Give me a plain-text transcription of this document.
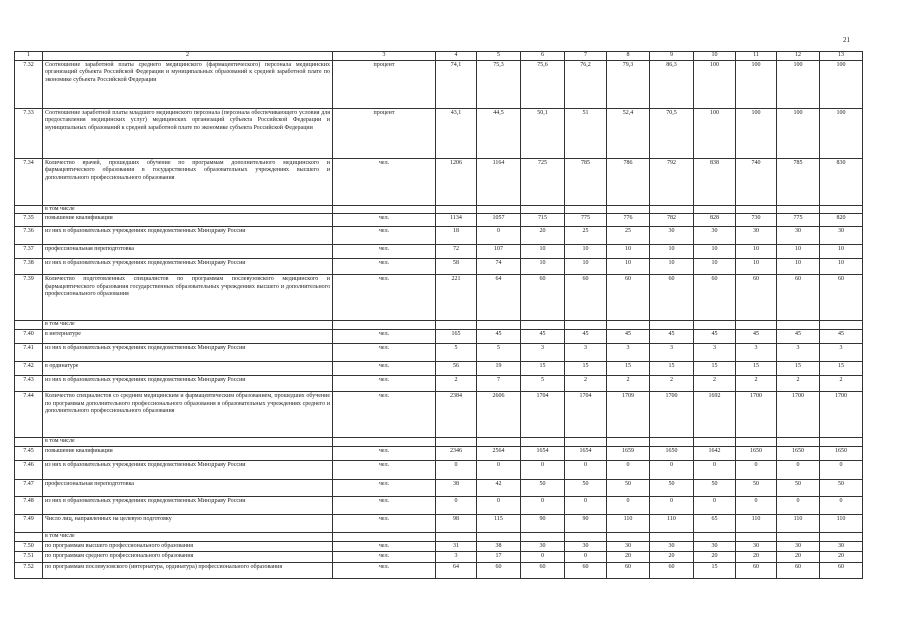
21
1	2	3	4	5	6	7	8	9	10	11	12	13
7.32	Соотношение заработной платы среднего медицинского (фармацевтического) персонала медицинских организаций субъекта Российской Федерации и муниципальных образований к средней заработной плате по экономике субъекта Российской Федерации	процент	74,1	75,3	75,6	76,2	79,3	86,3	100	100	100	100
7.33	Соотношение заработной платы младшего медицинского персонала (персонала обеспечивающего условия для предоставления медицинских услуг) медицинских организаций субъекта Российской Федерации и муниципальных образований к средней заработной плате по экономике субъекта Российской Федерации	процент	43,1	44,5	50,1	51	52,4	70,5	100	100	100	100
7.34	Количество врачей, прошедших обучение по программам дополнительного медицинского и фармацевтического образования в государственных образовательных учреждениях высшего и дополнительного профессионального образования	чел.	1206	1164	725	785	786	792	838	740	785	830
	в том числе											
7.35	повышение квалификации	чел.	1134	1057	715	775	776	782	828	730	775	820
7.36	из них в образовательных учреждениях подведомственных Минздраву России	чел.	18	0	20	25	25	30	30	30	30	30
7.37	профессиональная переподготовка	чел.	72	107	10	10	10	10	10	10	10	10
7.38	из них в образовательных учреждениях подведомственных Минздраву России	чел.	58	74	10	10	10	10	10	10	10	10
7.39	Количество подготовленных специалистов по программам послевузовского медицинского и фармацевтического образования государственных образовательных учреждениях высшего и дополнительного профессионального образования	чел.	221	64	60	60	60	60	60	60	60	60
	в том числе											
7.40	в интернатуре	чел.	165	45	45	45	45	45	45	45	45	45
7.41	из них в образовательных учреждениях подведомственных Минздраву России	чел.	5	5	3	3	3	3	3	3	3	3
7.42	в ординатуре	чел.	56	19	15	15	15	15	15	15	15	15
7.43	из них в образовательных учреждениях подведомственных Минздраву России	чел.	2	7	5	2	2	2	2	2	2	2
7.44	Количество специалистов со средним медицинским и фармацевтическим образованием, прошедших обучение по программам дополнительного профессионального образования в образовательных учреждениях среднего и дополнительного профессионального образования	чел.	2384	2606	1704	1704	1709	1700	1692	1700	1700	1700
	в том числе											
7.45	повышение квалификации	чел.	2346	2564	1654	1654	1659	1650	1642	1650	1650	1650
7.46	из них в образовательных учреждениях подведомственных Минздраву России	чел.	0	0	0	0	0	0	0	0	0	0
7.47	профессиональная переподготовка	чел.	38	42	50	50	50	50	50	50	50	50
7.48	из них в образовательных учреждениях подведомственных Минздраву России	чел.	0	0	0	0	0	0	0	0	0	0
7.49	Число лиц, направленных на целевую подготовку	чел.	98	115	90	90	110	110	65	110	110	110
	в том числе											
7.50	по программам высшего профессионального образования	чел.	31	38	30	30	30	30	30	30	30	30
7.51	по программам среднего профессионального образования	чел.	3	17	0	0	20	20	20	20	20	20
7.52	по программам послевузовского (интернатура, ординатура) профессионального образования	чел.	64	60	60	60	60	60	15	60	60	60
